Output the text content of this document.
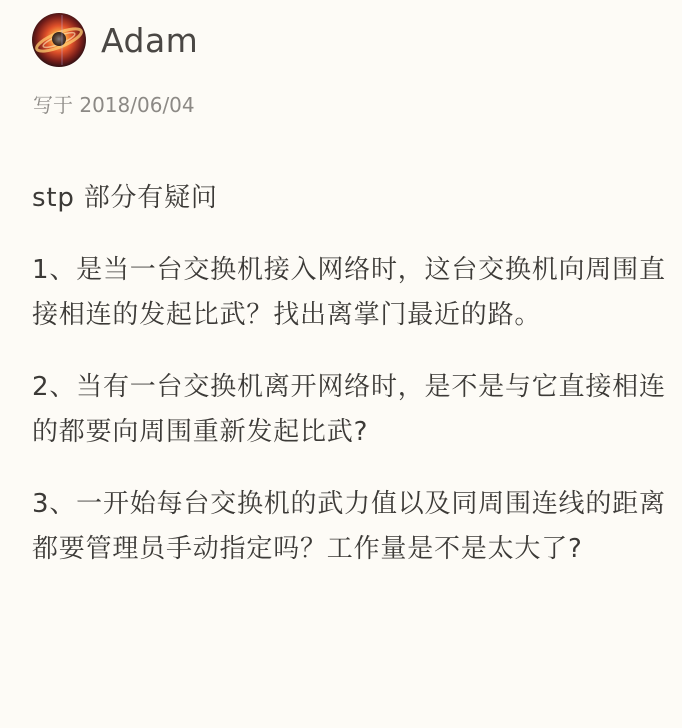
Adam
写于 2018/06/04

stp 部分有疑问

1、是当一台交换机接入网络时，这台交换机向周围直接相连的发起比武？找出离掌门最近的路。

2、当有一台交换机离开网络时，是不是与它直接相连的都要向周围重新发起比武?

3、一开始每台交换机的武力值以及同周围连线的距离都要管理员手动指定吗？工作量是不是太大了?
